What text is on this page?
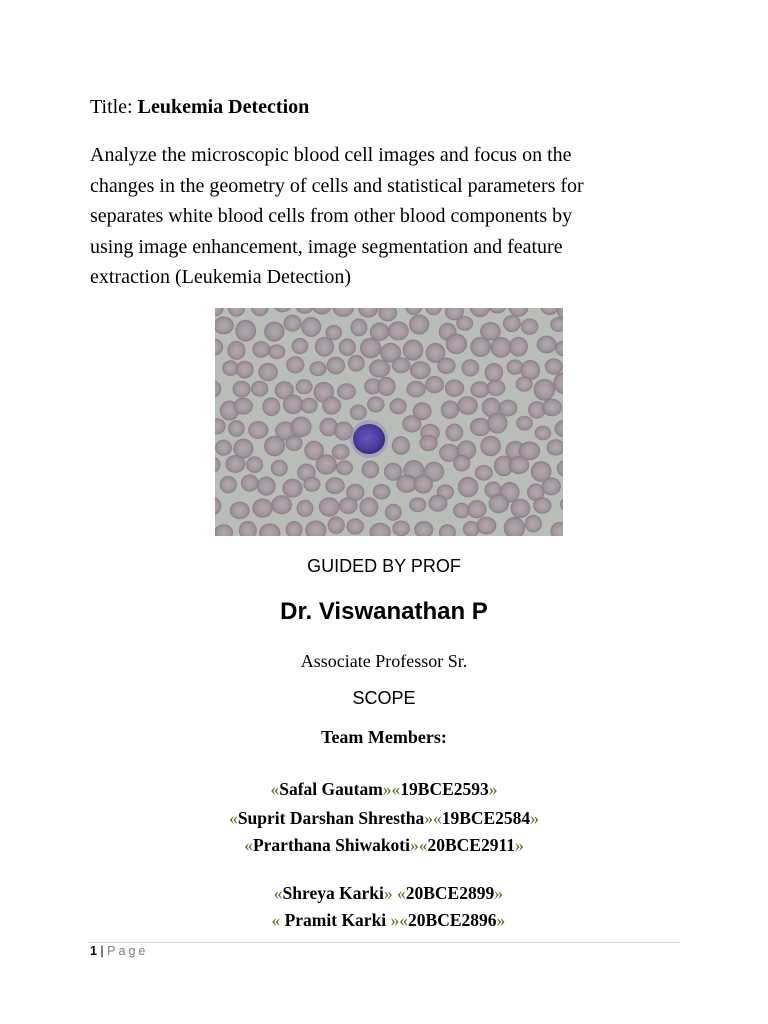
Title: Leukemia Detection
Analyze the microscopic blood cell images and focus on the
changes in the geometry of cells and statistical parameters for
separates white blood cells from other blood components by
using image enhancement, image segmentation and feature
extraction (Leukemia Detection)
GUIDED BY PROF
Dr. Viswanathan P
Associate Professor Sr.
SCOPE
Team Members:
«Safal Gautam»«19BCE2593»
«Suprit Darshan Shrestha»«19BCE2584»
«Prarthana Shiwakoti»«20BCE2911»

«Shreya Karki» «20BCE2899»

« Pramit Karki »«20BCE2896»

1 | Page
